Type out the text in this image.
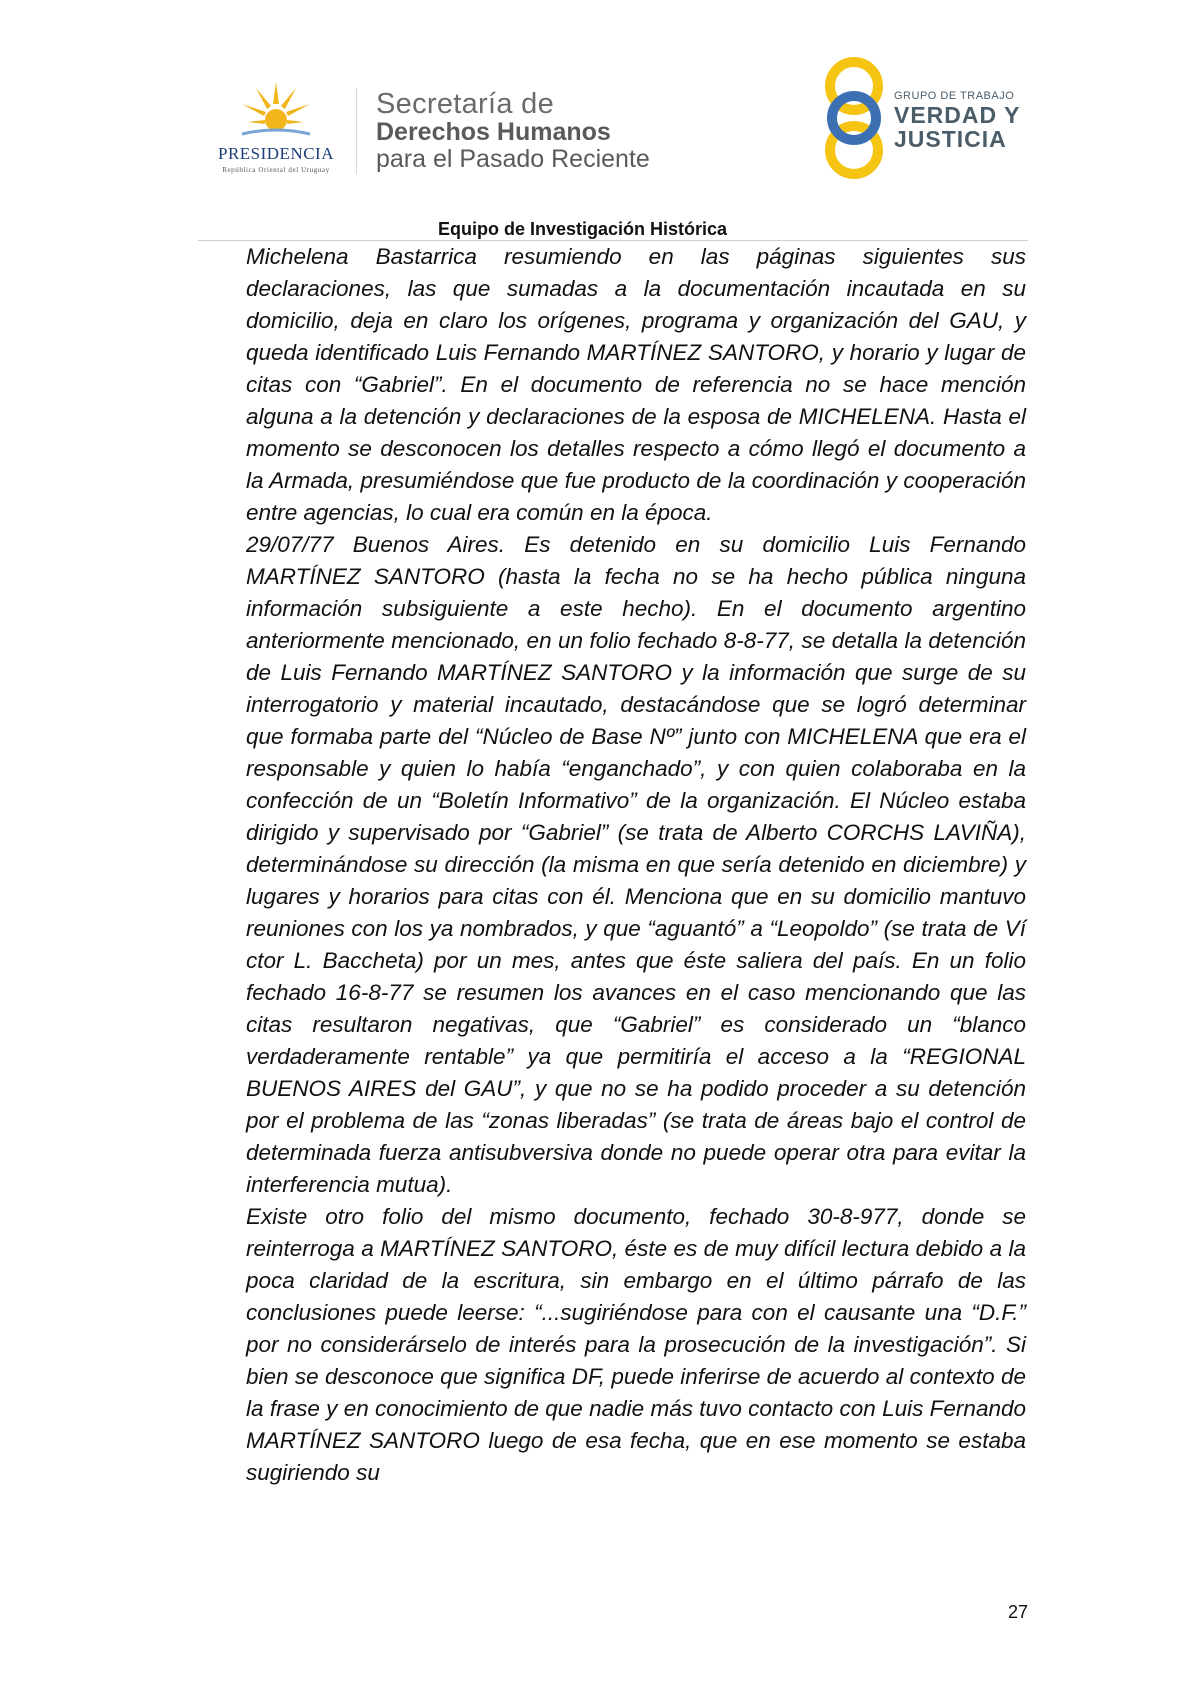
PRESIDENCIA
República Oriental del Uruguay
Secretaría de
Derechos Humanos
para el Pasado Reciente
GRUPO DE TRABAJO
VERDAD Y
JUSTICIA
Equipo de Investigación Histórica

Michelena Bastarrica resumiendo en las páginas siguientes sus declaraciones, las que sumadas a la documentación incautada en su domicilio, deja en claro los orígenes, programa y organización del GAU, y queda identificado Luis Fernando MARTÍNEZ SANTORO, y horario y lugar de citas con “Gabriel”. En el documento de referencia no se hace mención alguna a la detención y declaraciones de la esposa de MICHELENA. Hasta el momento se desconocen los detalles respecto a cómo llegó el documento a la Armada, presumiéndose que fue producto de la coordinación y cooperación entre agencias, lo cual era común en la época.

29/07/77 Buenos Aires. Es detenido en su domicilio Luis Fernando MARTÍNEZ SANTORO (hasta la fecha no se ha hecho pública ninguna información subsiguiente a este hecho). En el documento argentino anteriormente mencionado, en un folio fechado 8-8-77, se detalla la detención de Luis Fernando MARTÍNEZ SANTORO y la información que surge de su interrogatorio y material incautado, destacándose que se logró determinar que formaba parte del “Núcleo de Base Nº” junto con MICHELENA que era el responsable y quien lo había “enganchado”, y con quien colaboraba en la confección de un “Boletín Informativo” de la organización. El Núcleo estaba dirigido y supervisado por “Gabriel” (se trata de Alberto CORCHS LAVIÑA), determinándose su dirección (la misma en que sería detenido en diciembre) y lugares y horarios para citas con él. Menciona que en su domicilio mantuvo reuniones con los ya nombrados, y que “aguantó” a “Leopoldo” (se trata de Ví ctor L. Baccheta) por un mes, antes que éste saliera del país. En un folio fechado 16-8-77 se resumen los avances en el caso mencionando que las citas resultaron negativas, que “Gabriel” es considerado un “blanco verdaderamente rentable” ya que permitiría el acceso a la “REGIONAL BUENOS AIRES del GAU”, y que no se ha podido proceder a su detención por el problema de las “zonas liberadas” (se trata de áreas bajo el control de determinada fuerza antisubversiva donde no puede operar otra para evitar la interferencia mutua).

Existe otro folio del mismo documento, fechado 30-8-977, donde se reinterroga a MARTÍNEZ SANTORO, éste es de muy difícil lectura debido a la poca claridad de la escritura, sin embargo en el último párrafo de las conclusiones puede leerse: “...sugiriéndose para con el causante una “D.F.” por no considerárselo de interés para la prosecución de la investigación”. Si bien se desconoce que significa DF, puede inferirse de acuerdo al contexto de la frase y en conocimiento de que nadie más tuvo contacto con Luis Fernando MARTÍNEZ SANTORO luego de esa fecha, que en ese momento se estaba sugiriendo su

27
